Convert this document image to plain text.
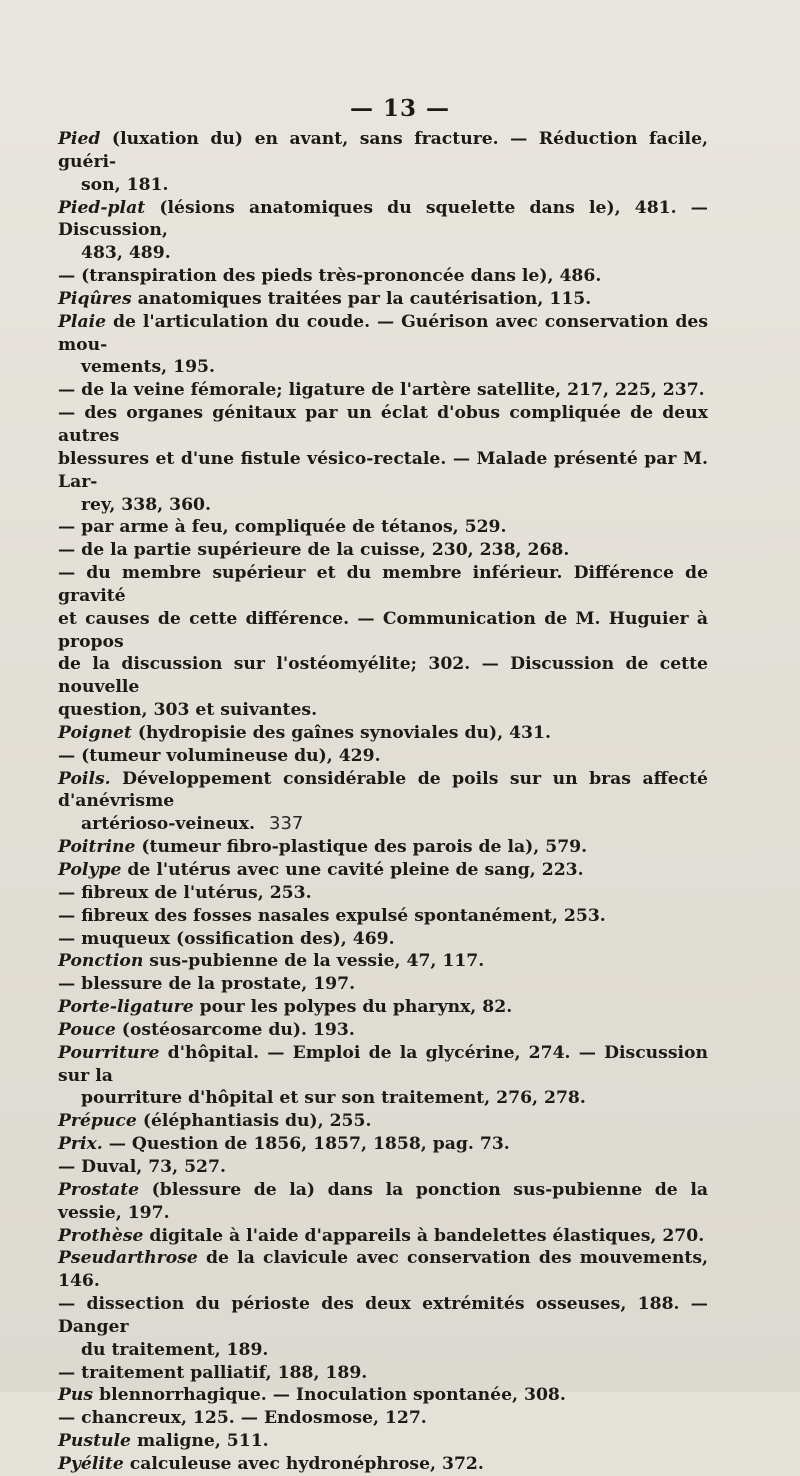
— 13 —
Pied (luxation du) en avant, sans fracture. — Réduction facile, guéri-
son, 181.
Pied-plat (lésions anatomiques du squelette dans le), 481. — Discussion,
483, 489.
— (transpiration des pieds très-prononcée dans le), 486.
Piqûres anatomiques traitées par la cautérisation, 115.
Plaie de l'articulation du coude. — Guérison avec conservation des mou-
vements, 195.
— de la veine fémorale; ligature de l'artère satellite, 217, 225, 237.
— des organes génitaux par un éclat d'obus compliquée de deux autres
blessures et d'une fistule vésico-rectale. — Malade présenté par M. Lar-
rey, 338, 360.
— par arme à feu, compliquée de tétanos, 529.
— de la partie supérieure de la cuisse, 230, 238, 268.
— du membre supérieur et du membre inférieur. Différence de gravité
et causes de cette différence. — Communication de M. Huguier à propos
de la discussion sur l'ostéomyélite; 302. — Discussion de cette nouvelle
question, 303 et suivantes.
Poignet (hydropisie des gaînes synoviales du), 431.
— (tumeur volumineuse du), 429.
Poils. Développement considérable de poils sur un bras affecté d'anévrisme
artérioso-veineux. 337
Poitrine (tumeur fibro-plastique des parois de la), 579.
Polype de l'utérus avec une cavité pleine de sang, 223.
— fibreux de l'utérus, 253.
— fibreux des fosses nasales expulsé spontanément, 253.
— muqueux (ossification des), 469.
Ponction sus-pubienne de la vessie, 47, 117.
— blessure de la prostate, 197.
Porte-ligature pour les polypes du pharynx, 82.
Pouce (ostéosarcome du). 193.
Pourriture d'hôpital. — Emploi de la glycérine, 274. — Discussion sur la
pourriture d'hôpital et sur son traitement, 276, 278.
Prépuce (éléphantiasis du), 255.
Prix. — Question de 1856, 1857, 1858, pag. 73.
— Duval, 73, 527.
Prostate (blessure de la) dans la ponction sus-pubienne de la vessie, 197.
Prothèse digitale à l'aide d'appareils à bandelettes élastiques, 270.
Pseudarthrose de la clavicule avec conservation des mouvements, 146.
— dissection du périoste des deux extrémités osseuses, 188. — Danger
du traitement, 189.
— traitement palliatif, 188, 189.
Pus blennorrhagique. — Inoculation spontanée, 308.
— chancreux, 125. — Endosmose, 127.
Pustule maligne, 511.
Pyélite calculeuse avec hydronéphrose, 372.
